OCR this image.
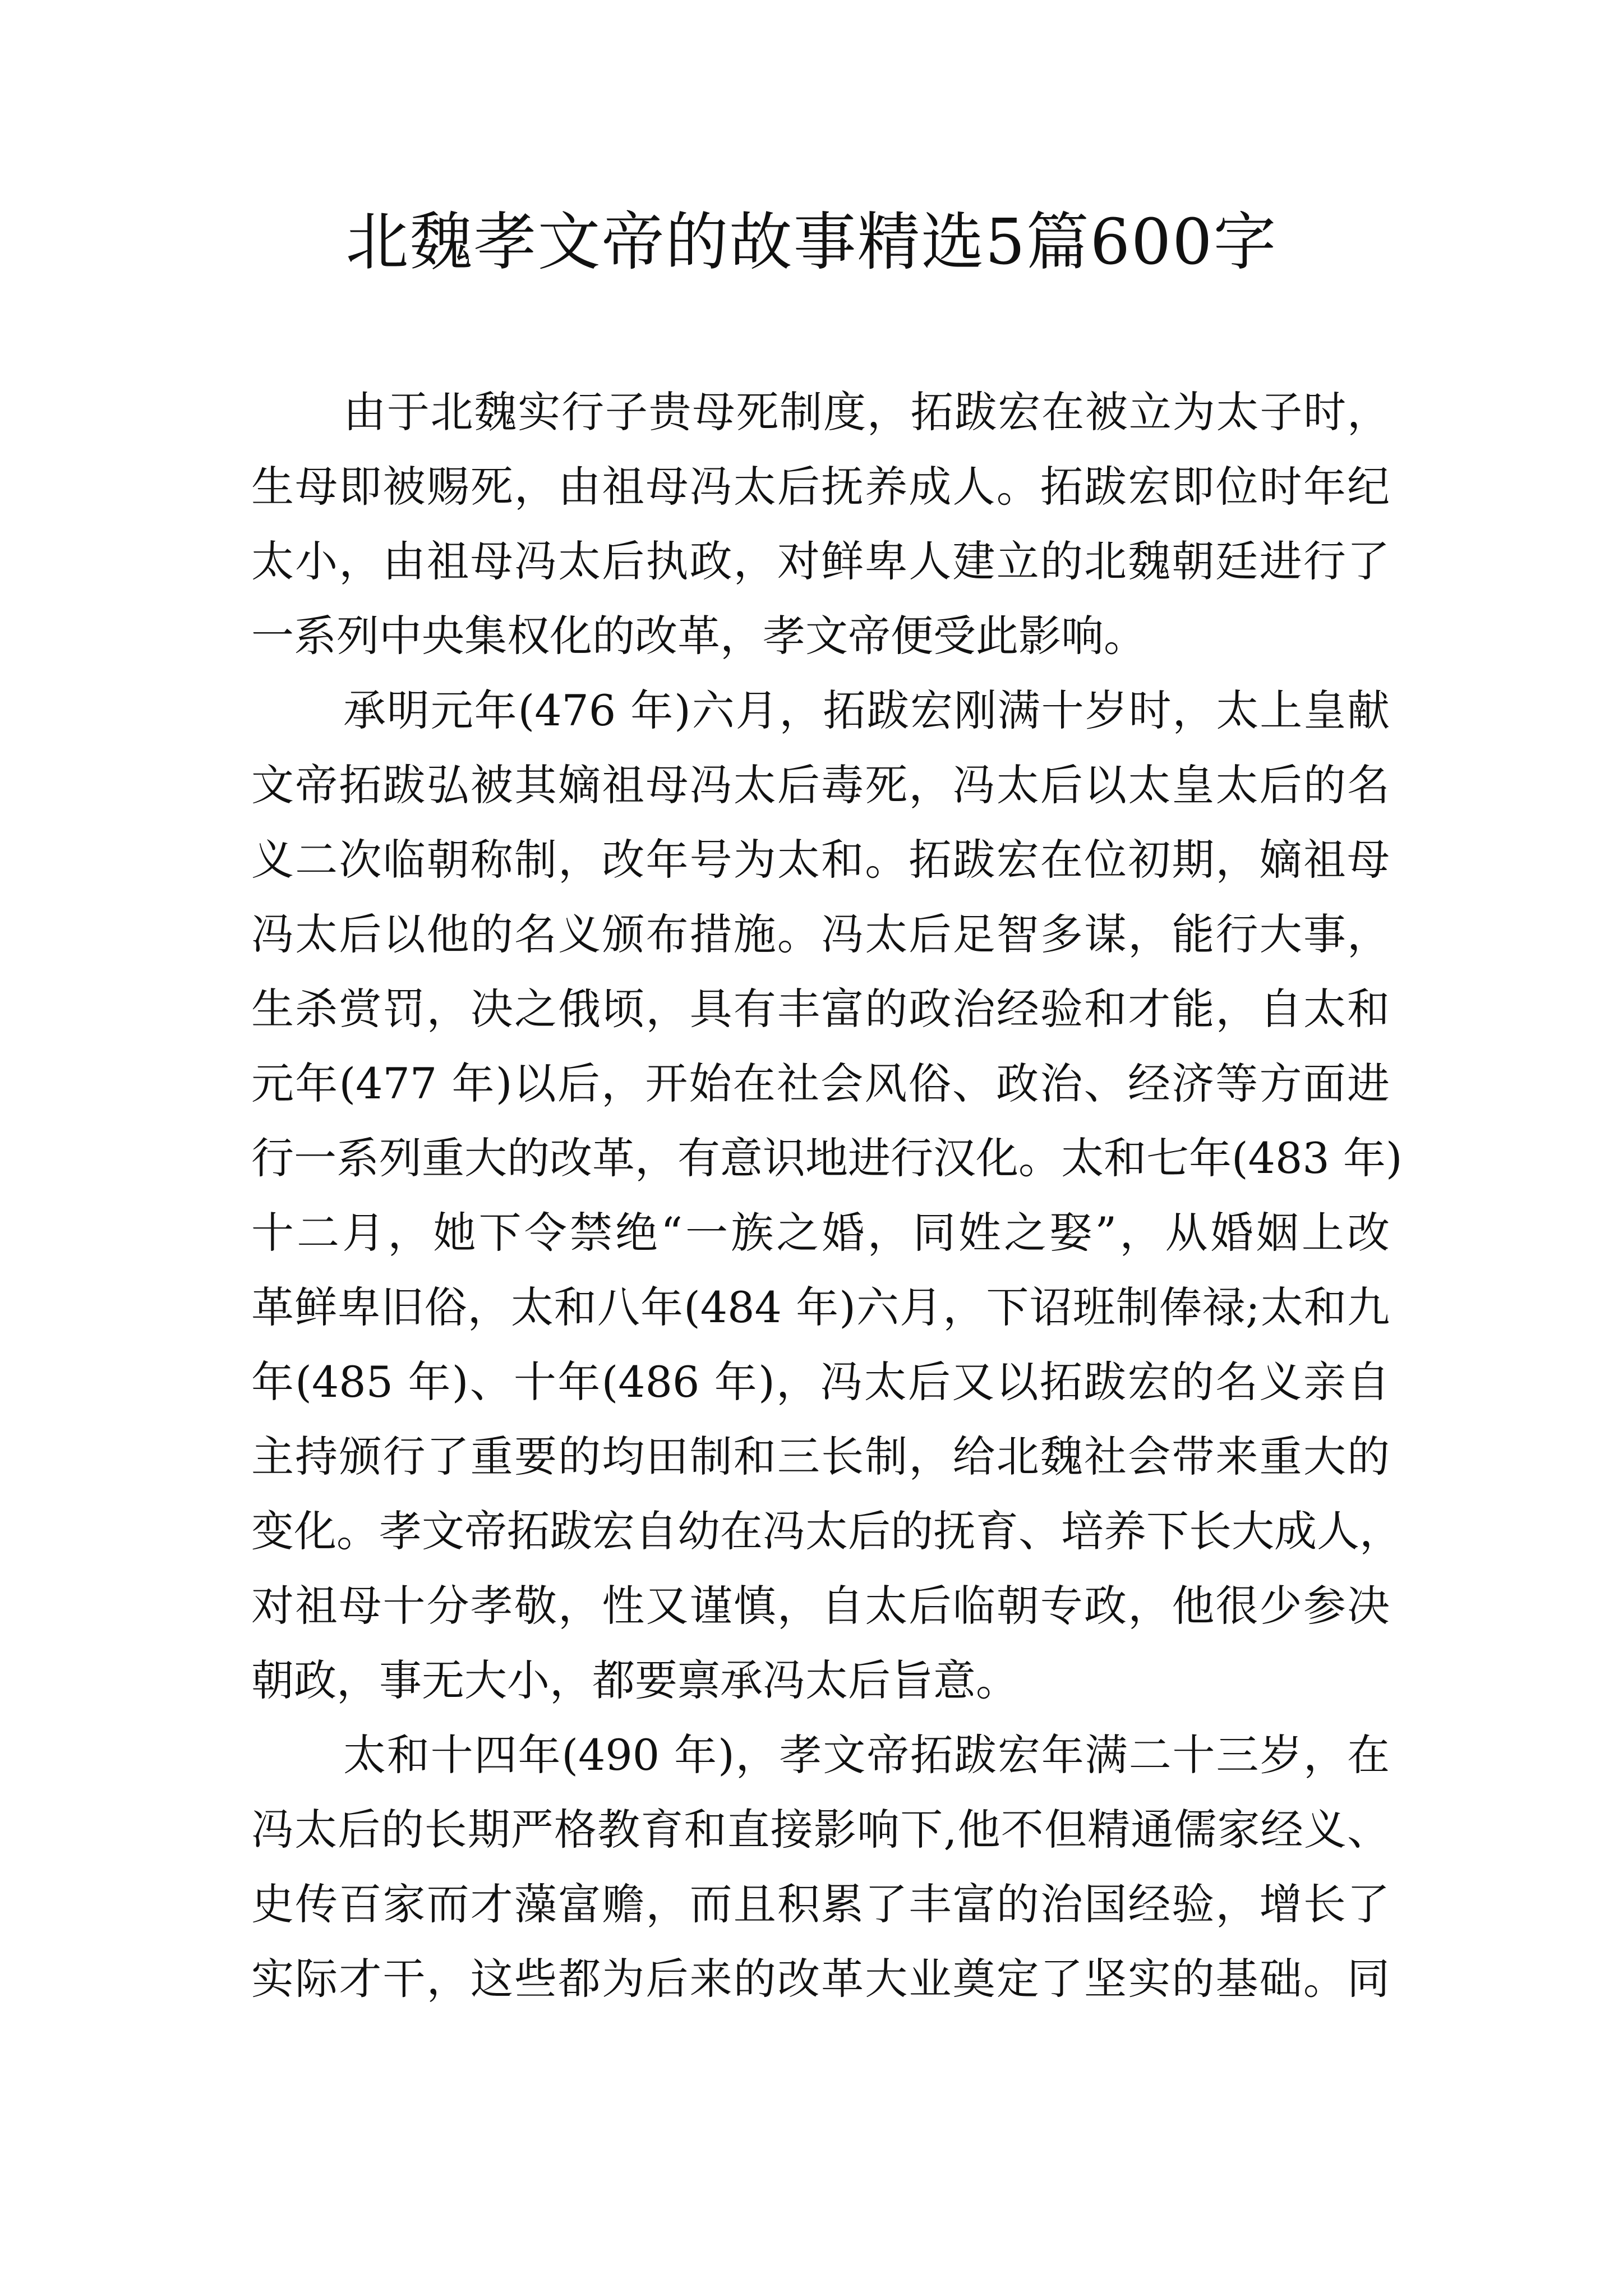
北魏孝文帝的故事精选5篇600字
由于北魏实行子贵母死制度，拓跋宏在被立为太子时，
生母即被赐死，由祖母冯太后抚养成人。拓跋宏即位时年纪
太小，由祖母冯太后执政，对鲜卑人建立的北魏朝廷进行了
一系列中央集权化的改革，孝文帝便受此影响。
承明元年(476 年)六月，拓跋宏刚满十岁时，太上皇献
文帝拓跋弘被其嫡祖母冯太后毒死，冯太后以太皇太后的名
义二次临朝称制，改年号为太和。拓跋宏在位初期，嫡祖母
冯太后以他的名义颁布措施。冯太后足智多谋，能行大事，
生杀赏罚，决之俄顷，具有丰富的政治经验和才能，自太和
元年(477 年)以后，开始在社会风俗、政治、经济等方面进
行一系列重大的改革，有意识地进行汉化。太和七年(483 年)
十二月，她下令禁绝“一族之婚，同姓之娶”，从婚姻上改
革鲜卑旧俗，太和八年(484 年)六月，下诏班制俸禄;太和九
年(485 年)、十年(486 年)，冯太后又以拓跋宏的名义亲自
主持颁行了重要的均田制和三长制，给北魏社会带来重大的
变化。孝文帝拓跋宏自幼在冯太后的抚育、培养下长大成人，
对祖母十分孝敬，性又谨慎，自太后临朝专政，他很少参决
朝政，事无大小，都要禀承冯太后旨意。
太和十四年(490 年)，孝文帝拓跋宏年满二十三岁，在
冯太后的长期严格教育和直接影响下,他不但精通儒家经义、
史传百家而才藻富赡，而且积累了丰富的治国经验，增长了
实际才干，这些都为后来的改革大业奠定了坚实的基础。同
